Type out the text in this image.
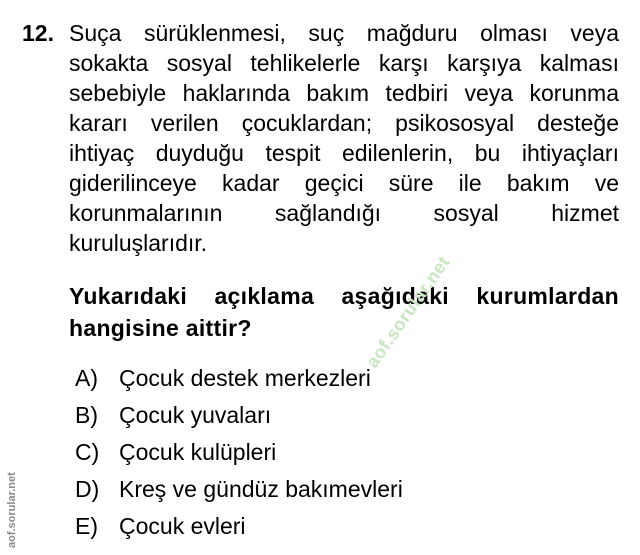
12. Suça sürüklenmesi, suç mağduru olması veya
sokakta sosyal tehlikelerle karşı karşıya kalması
sebebiyle haklarında bakım tedbiri veya korunma
kararı verilen çocuklardan; psikososyal desteğe
ihtiyaç duyduğu tespit edilenlerin, bu ihtiyaçları
giderilinceye kadar geçici süre ile bakım ve
korunmalarının sağlandığı sosyal hizmet
kuruluşlarıdır.
Yukarıdaki açıklama aşağıdaki kurumlardan
hangisine aittir?
A) Çocuk destek merkezleri
B) Çocuk yuvaları
C) Çocuk kulüpleri
D) Kreş ve gündüz bakımevleri
E) Çocuk evleri
aof.sorular.net
aof.sorular.net
